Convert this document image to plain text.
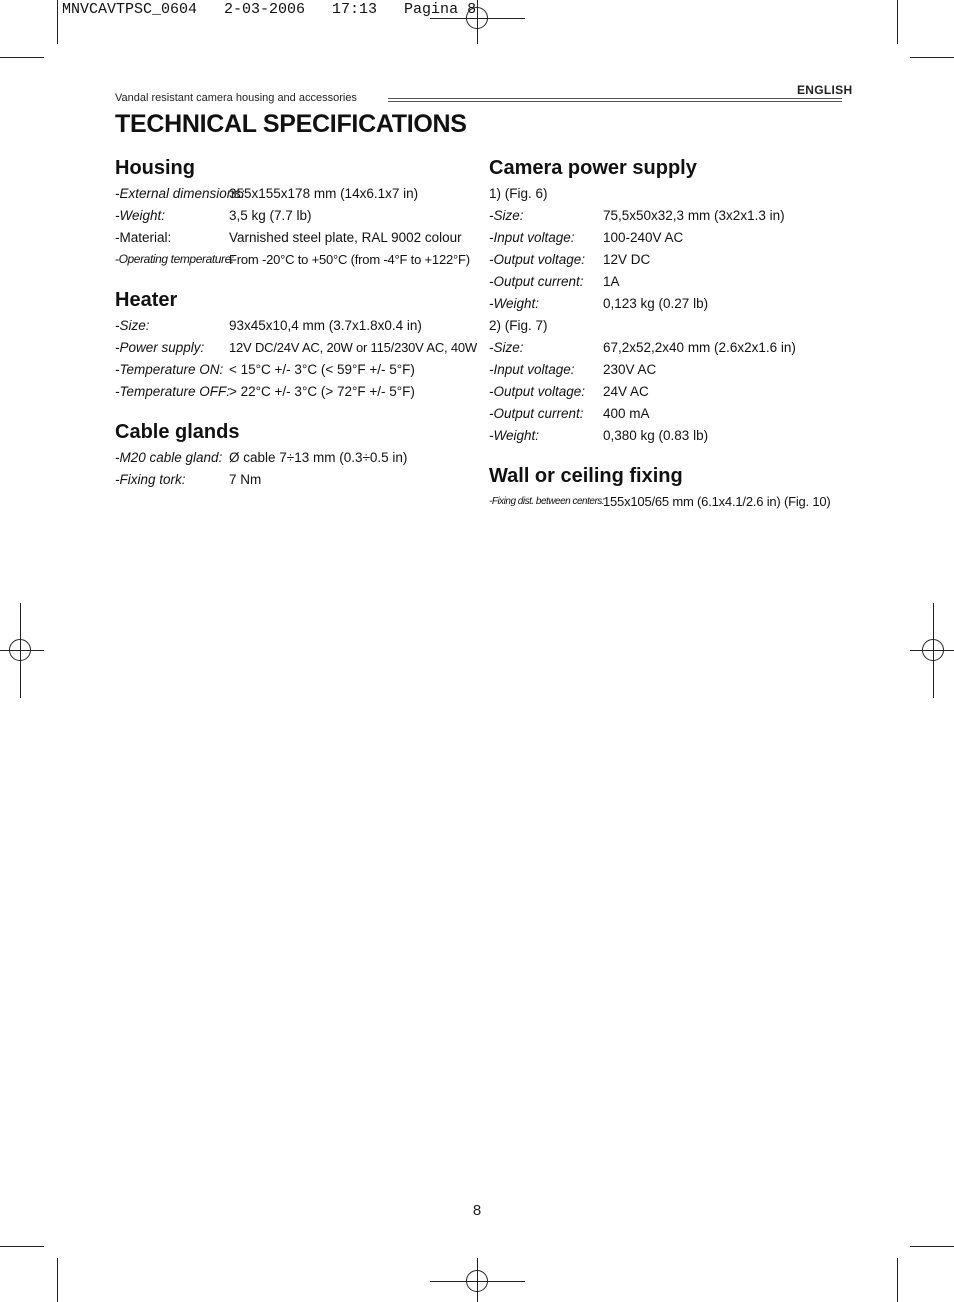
MNVCAVTPSC_0604   2-03-2006   17:13   Pagina 8
Vandal resistant camera housing and accessories
ENGLISH
TECHNICAL SPECIFICATIONS
Housing
-External dimensions:
355x155x178 mm (14x6.1x7 in)
-Weight:	3,5 kg (7.7 lb)
-Material:	Varnished steel plate, RAL 9002 colour
-Operating temperature:
From -20°C to +50°C (from -4°F to +122°F)
Heater
-Size:	93x45x10,4 mm (3.7x1.8x0.4 in)
-Power supply: 12V DC/24V AC, 20W or 115/230V AC, 40W
-Temperature ON: < 15°C +/- 3°C (< 59°F +/- 5°F)
-Temperature OFF:
> 22°C +/- 3°C (> 72°F +/- 5°F)
Cable glands
-M20 cable gland: Ø cable 7÷13 mm (0.3÷0.5 in)
-Fixing tork:	7 Nm
Camera power supply
1) (Fig. 6)
-Size:	75,5x50x32,3 mm (3x2x1.3 in)
-Input voltage: 100-240V AC
-Output voltage: 12V DC
-Output current: 1A
-Weight:	0,123 kg (0.27 lb)
2) (Fig. 7)
-Size:	67,2x52,2x40 mm (2.6x2x1.6 in)
-Input voltage: 230V AC
-Output voltage: 24V AC
-Output current: 400 mA
-Weight:	0,380 kg (0.83 lb)
Wall or ceiling fixing
-Fixing dist. between centers:
155x105/65 mm (6.1x4.1/2.6 in) (Fig. 10)
8
